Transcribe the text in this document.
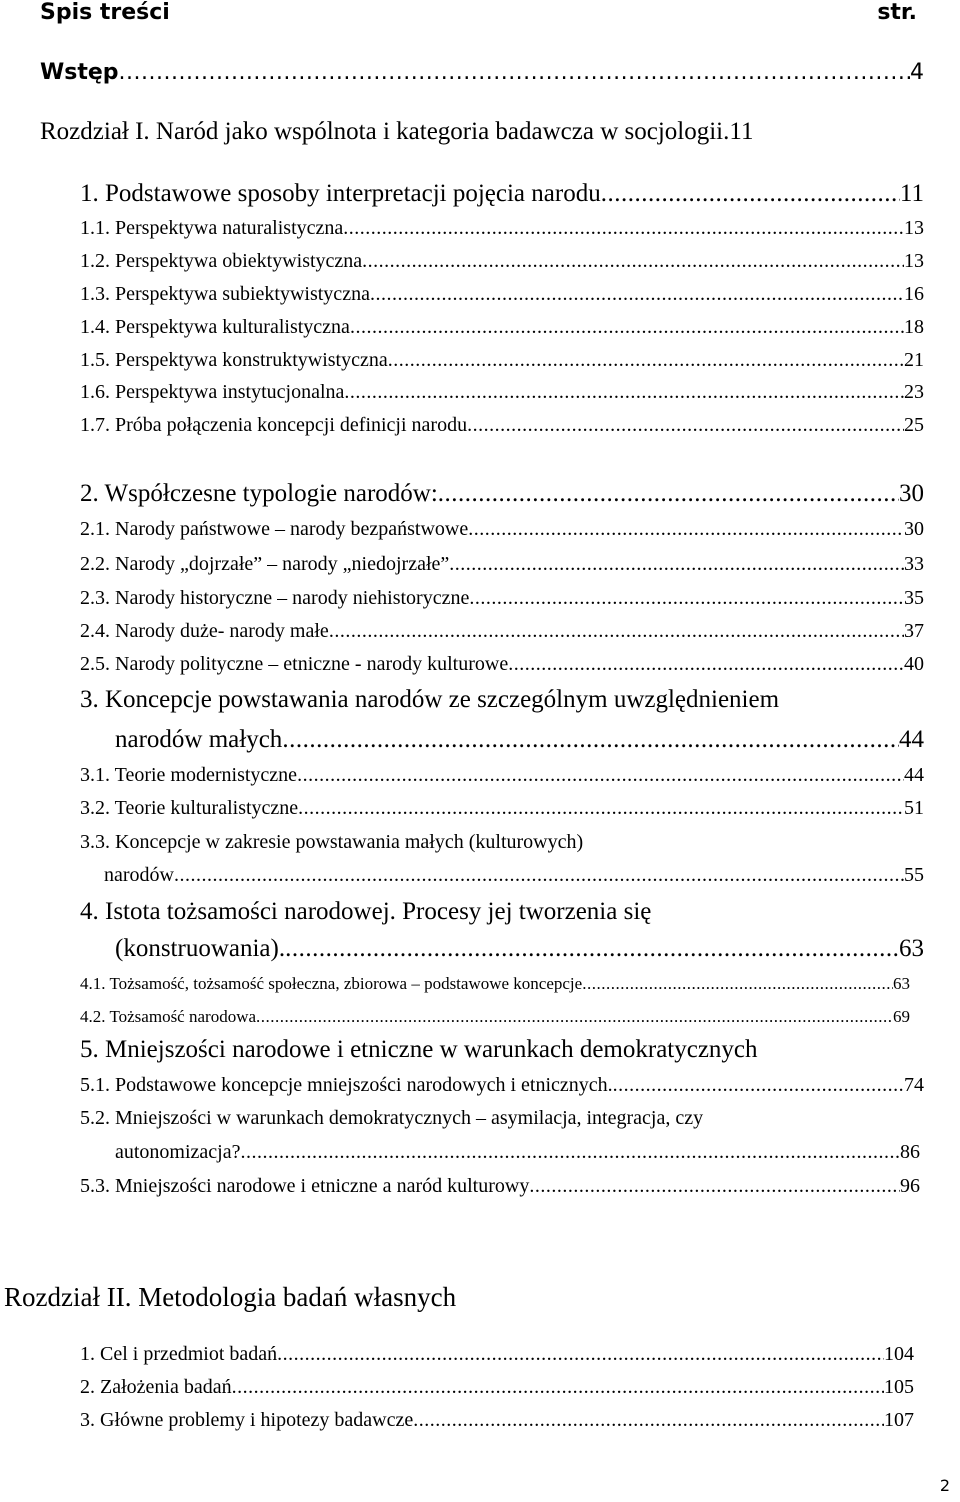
Spis treści	str.
Wstęp .....	4
Rozdział I. Naród jako wspólnota i kategoria badawcza w socjologii. 11
1. Podstawowe sposoby interpretacji pojęcia narodu .....	11
1.1. Perspektywa naturalistyczna .....	13
1.2. Perspektywa obiektywistyczna .....	13
1.3. Perspektywa subiektywistyczna .....	16
1.4. Perspektywa kulturalistyczna .....	18
1.5. Perspektywa konstruktywistyczna .....	21
1.6. Perspektywa instytucjonalna .....	23
1.7. Próba połączenia koncepcji definicji narodu .....	25
2. Współczesne typologie narodów: .....	30
2.1. Narody państwowe – narody bezpaństwowe .....	30
2.2. Narody „dojrzałe” – narody „niedojrzałe” .....	33
2.3. Narody historyczne – narody niehistoryczne .....	35
2.4. Narody duże- narody małe .....	37
2.5. Narody polityczne – etniczne - narody kulturowe .....	40
3. Koncepcje powstawania narodów ze szczególnym uwzględnieniem
narodów małych .....	44
3.1. Teorie modernistyczne .....	44
3.2. Teorie kulturalistyczne .....	51
3.3. Koncepcje w zakresie powstawania małych (kulturowych)
narodów .....	55
4. Istota tożsamości narodowej. Procesy jej tworzenia się
(konstruowania). .....	63
4.1. Tożsamość, tożsamość społeczna, zbiorowa – podstawowe koncepcje .....	63
4.2. Tożsamość narodowa .....	69
5. Mniejszości narodowe i etniczne w warunkach demokratycznych
5.1. Podstawowe koncepcje mniejszości narodowych i etnicznych. .....	74
5.2. Mniejszości w warunkach demokratycznych – asymilacja, integracja, czy
autonomizacja? .....	86
5.3. Mniejszości narodowe i etniczne a naród kulturowy .....	96
Rozdział II. Metodologia badań własnych
1. Cel i przedmiot badań .....	104
2. Założenia badań .....	105
3. Główne problemy i hipotezy badawcze .....	107
2
